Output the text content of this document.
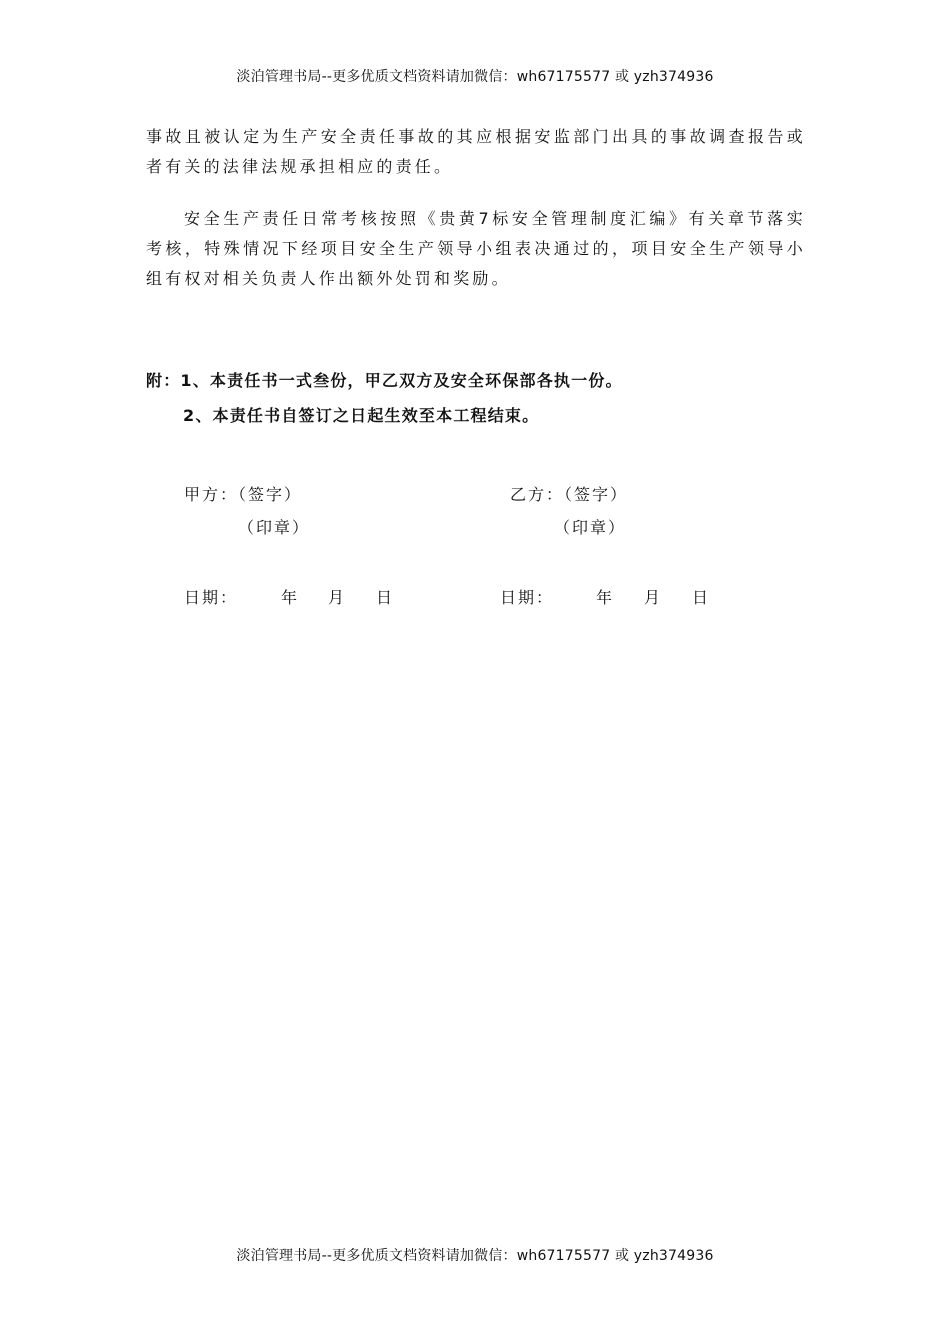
淡泊管理书局--更多优质文档资料请加微信：wh67175577 或 yzh374936
事故且被认定为生产安全责任事故的其应根据安监部门出具的事故调查报告或者有关的法律法规承担相应的责任。
安全生产责任日常考核按照《贵黄7标安全管理制度汇编》有关章节落实考核，特殊情况下经项目安全生产领导小组表决通过的，项目安全生产领导小组有权对相关负责人作出额外处罚和奖励。
附：1、本责任书一式叁份，甲乙双方及安全环保部各执一份。
2、本责任书自签订之日起生效至本工程结束。
甲方：（签字）
（印章）
乙方：（签字）
（印章）
日期：	年 月 日	日期：	年 月 日
淡泊管理书局--更多优质文档资料请加微信：wh67175577 或 yzh374936
